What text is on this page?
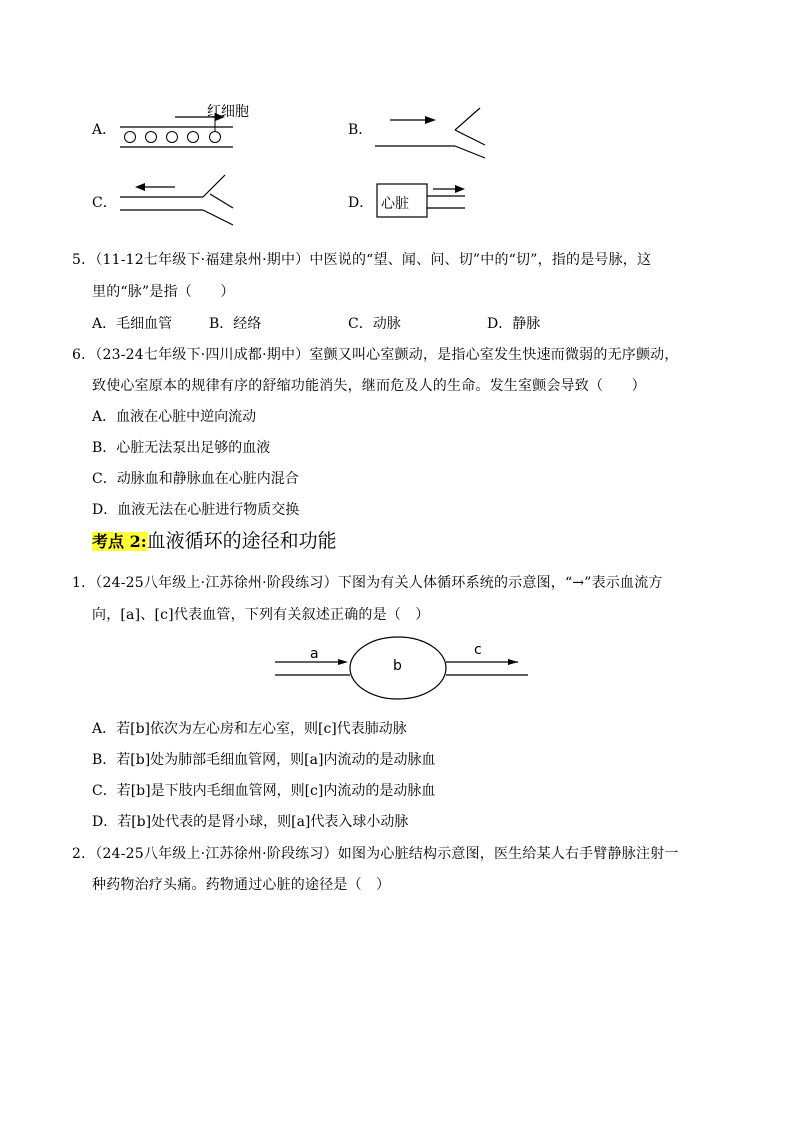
A．
红细胞
B．
C．	D． 心脏
5．（11-12七年级下·福建泉州·期中）中医说的“望、闻、问、切”中的“切”，指的是号脉，这
里的“脉”是指（　　）
A．毛细血管	B．经络	C．动脉	D．静脉
6．（23-24七年级下·四川成都·期中）室颤又叫心室颤动，是指心室发生快速而微弱的无序颤动，
致使心室原本的规律有序的舒缩功能消失，继而危及人的生命。发生室颤会导致（　　）
A．血液在心脏中逆向流动
B．心脏无法泵出足够的血液
C．动脉血和静脉血在心脏内混合
D．血液无法在心脏进行物质交换
考点 2:血液循环的途径和功能
1．（24-25八年级上·江苏徐州·阶段练习）下图为有关人体循环系统的示意图，“→”表示血流方
向，[a]、[c]代表血管，下列有关叙述正确的是（　）
a
b
c
A．若[b]依次为左心房和左心室，则[c]代表肺动脉
B．若[b]处为肺部毛细血管网，则[a]内流动的是动脉血
C．若[b]是下肢内毛细血管网，则[c]内流动的是动脉血
D．若[b]处代表的是肾小球，则[a]代表入球小动脉
2．（24-25八年级上·江苏徐州·阶段练习）如图为心脏结构示意图，医生给某人右手臂静脉注射一
种药物治疗头痛。药物通过心脏的途径是（　）
